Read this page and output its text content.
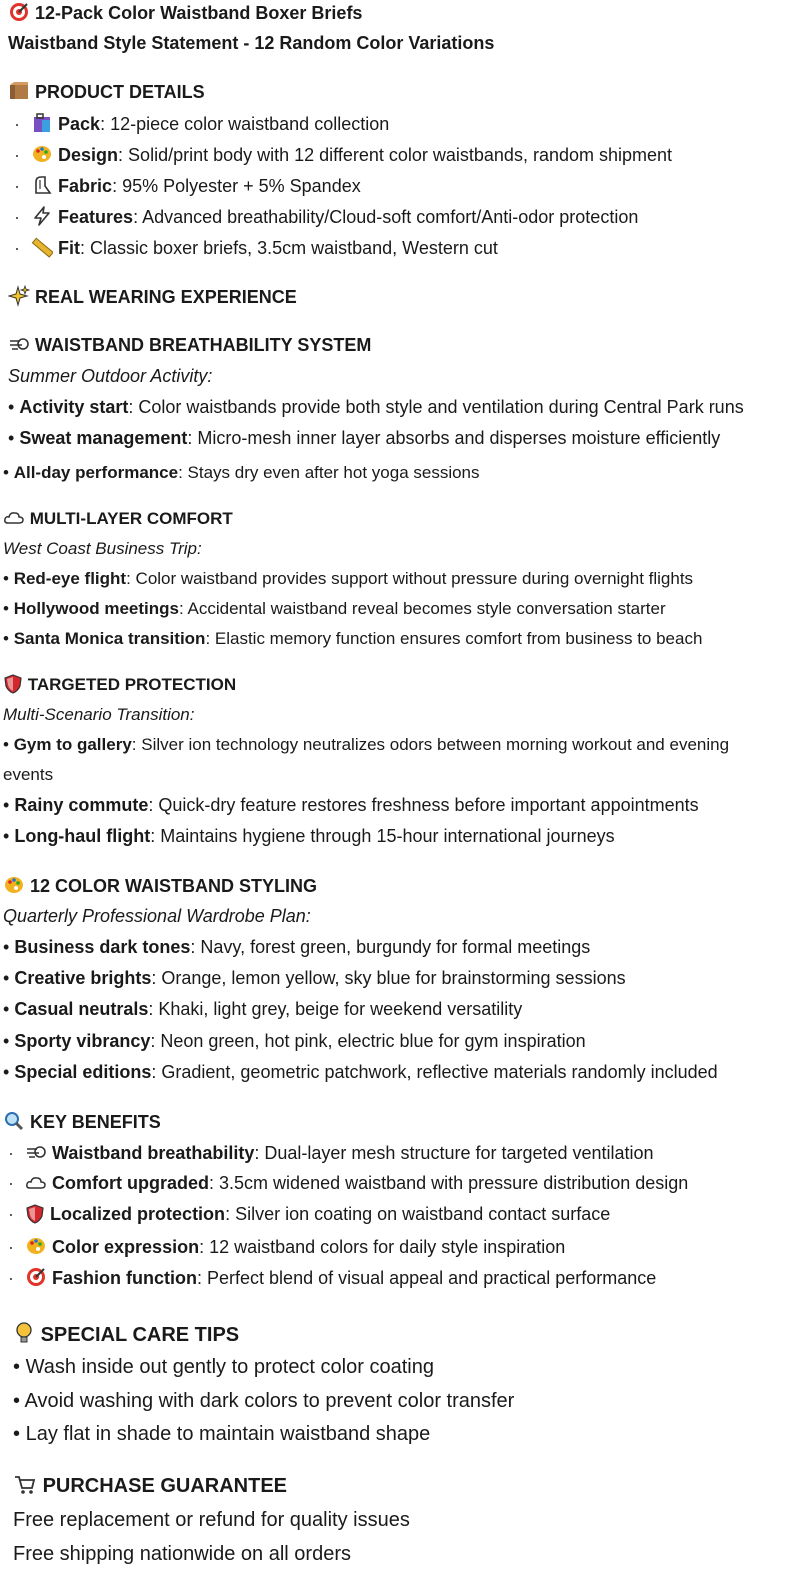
12-Pack Color Waistband Boxer Briefs
Waistband Style Statement - 12 Random Color Variations
PRODUCT DETAILS
· Pack: 12-piece color waistband collection
· Design: Solid/print body with 12 different color waistbands, random shipment
· Fabric: 95% Polyester + 5% Spandex
· Features: Advanced breathability/Cloud-soft comfort/Anti-odor protection
· Fit: Classic boxer briefs, 3.5cm waistband, Western cut
REAL WEARING EXPERIENCE
WAISTBAND BREATHABILITY SYSTEM
Summer Outdoor Activity:
• Activity start: Color waistbands provide both style and ventilation during Central Park runs
• Sweat management: Micro-mesh inner layer absorbs and disperses moisture efficiently
• All-day performance: Stays dry even after hot yoga sessions
MULTI-LAYER COMFORT
West Coast Business Trip:
• Red-eye flight: Color waistband provides support without pressure during overnight flights
• Hollywood meetings: Accidental waistband reveal becomes style conversation starter
• Santa Monica transition: Elastic memory function ensures comfort from business to beach
TARGETED PROTECTION
Multi-Scenario Transition:
• Gym to gallery: Silver ion technology neutralizes odors between morning workout and evening
events
• Rainy commute: Quick-dry feature restores freshness before important appointments
• Long-haul flight: Maintains hygiene through 15-hour international journeys
12 COLOR WAISTBAND STYLING
Quarterly Professional Wardrobe Plan:
• Business dark tones: Navy, forest green, burgundy for formal meetings
• Creative brights: Orange, lemon yellow, sky blue for brainstorming sessions
• Casual neutrals: Khaki, light grey, beige for weekend versatility
• Sporty vibrancy: Neon green, hot pink, electric blue for gym inspiration
• Special editions: Gradient, geometric patchwork, reflective materials randomly included
KEY BENEFITS
· Waistband breathability: Dual-layer mesh structure for targeted ventilation
· Comfort upgraded: 3.5cm widened waistband with pressure distribution design
· Localized protection: Silver ion coating on waistband contact surface
· Color expression: 12 waistband colors for daily style inspiration
· Fashion function: Perfect blend of visual appeal and practical performance
SPECIAL CARE TIPS
• Wash inside out gently to protect color coating
• Avoid washing with dark colors to prevent color transfer
• Lay flat in shade to maintain waistband shape
PURCHASE GUARANTEE
Free replacement or refund for quality issues
Free shipping nationwide on all orders
